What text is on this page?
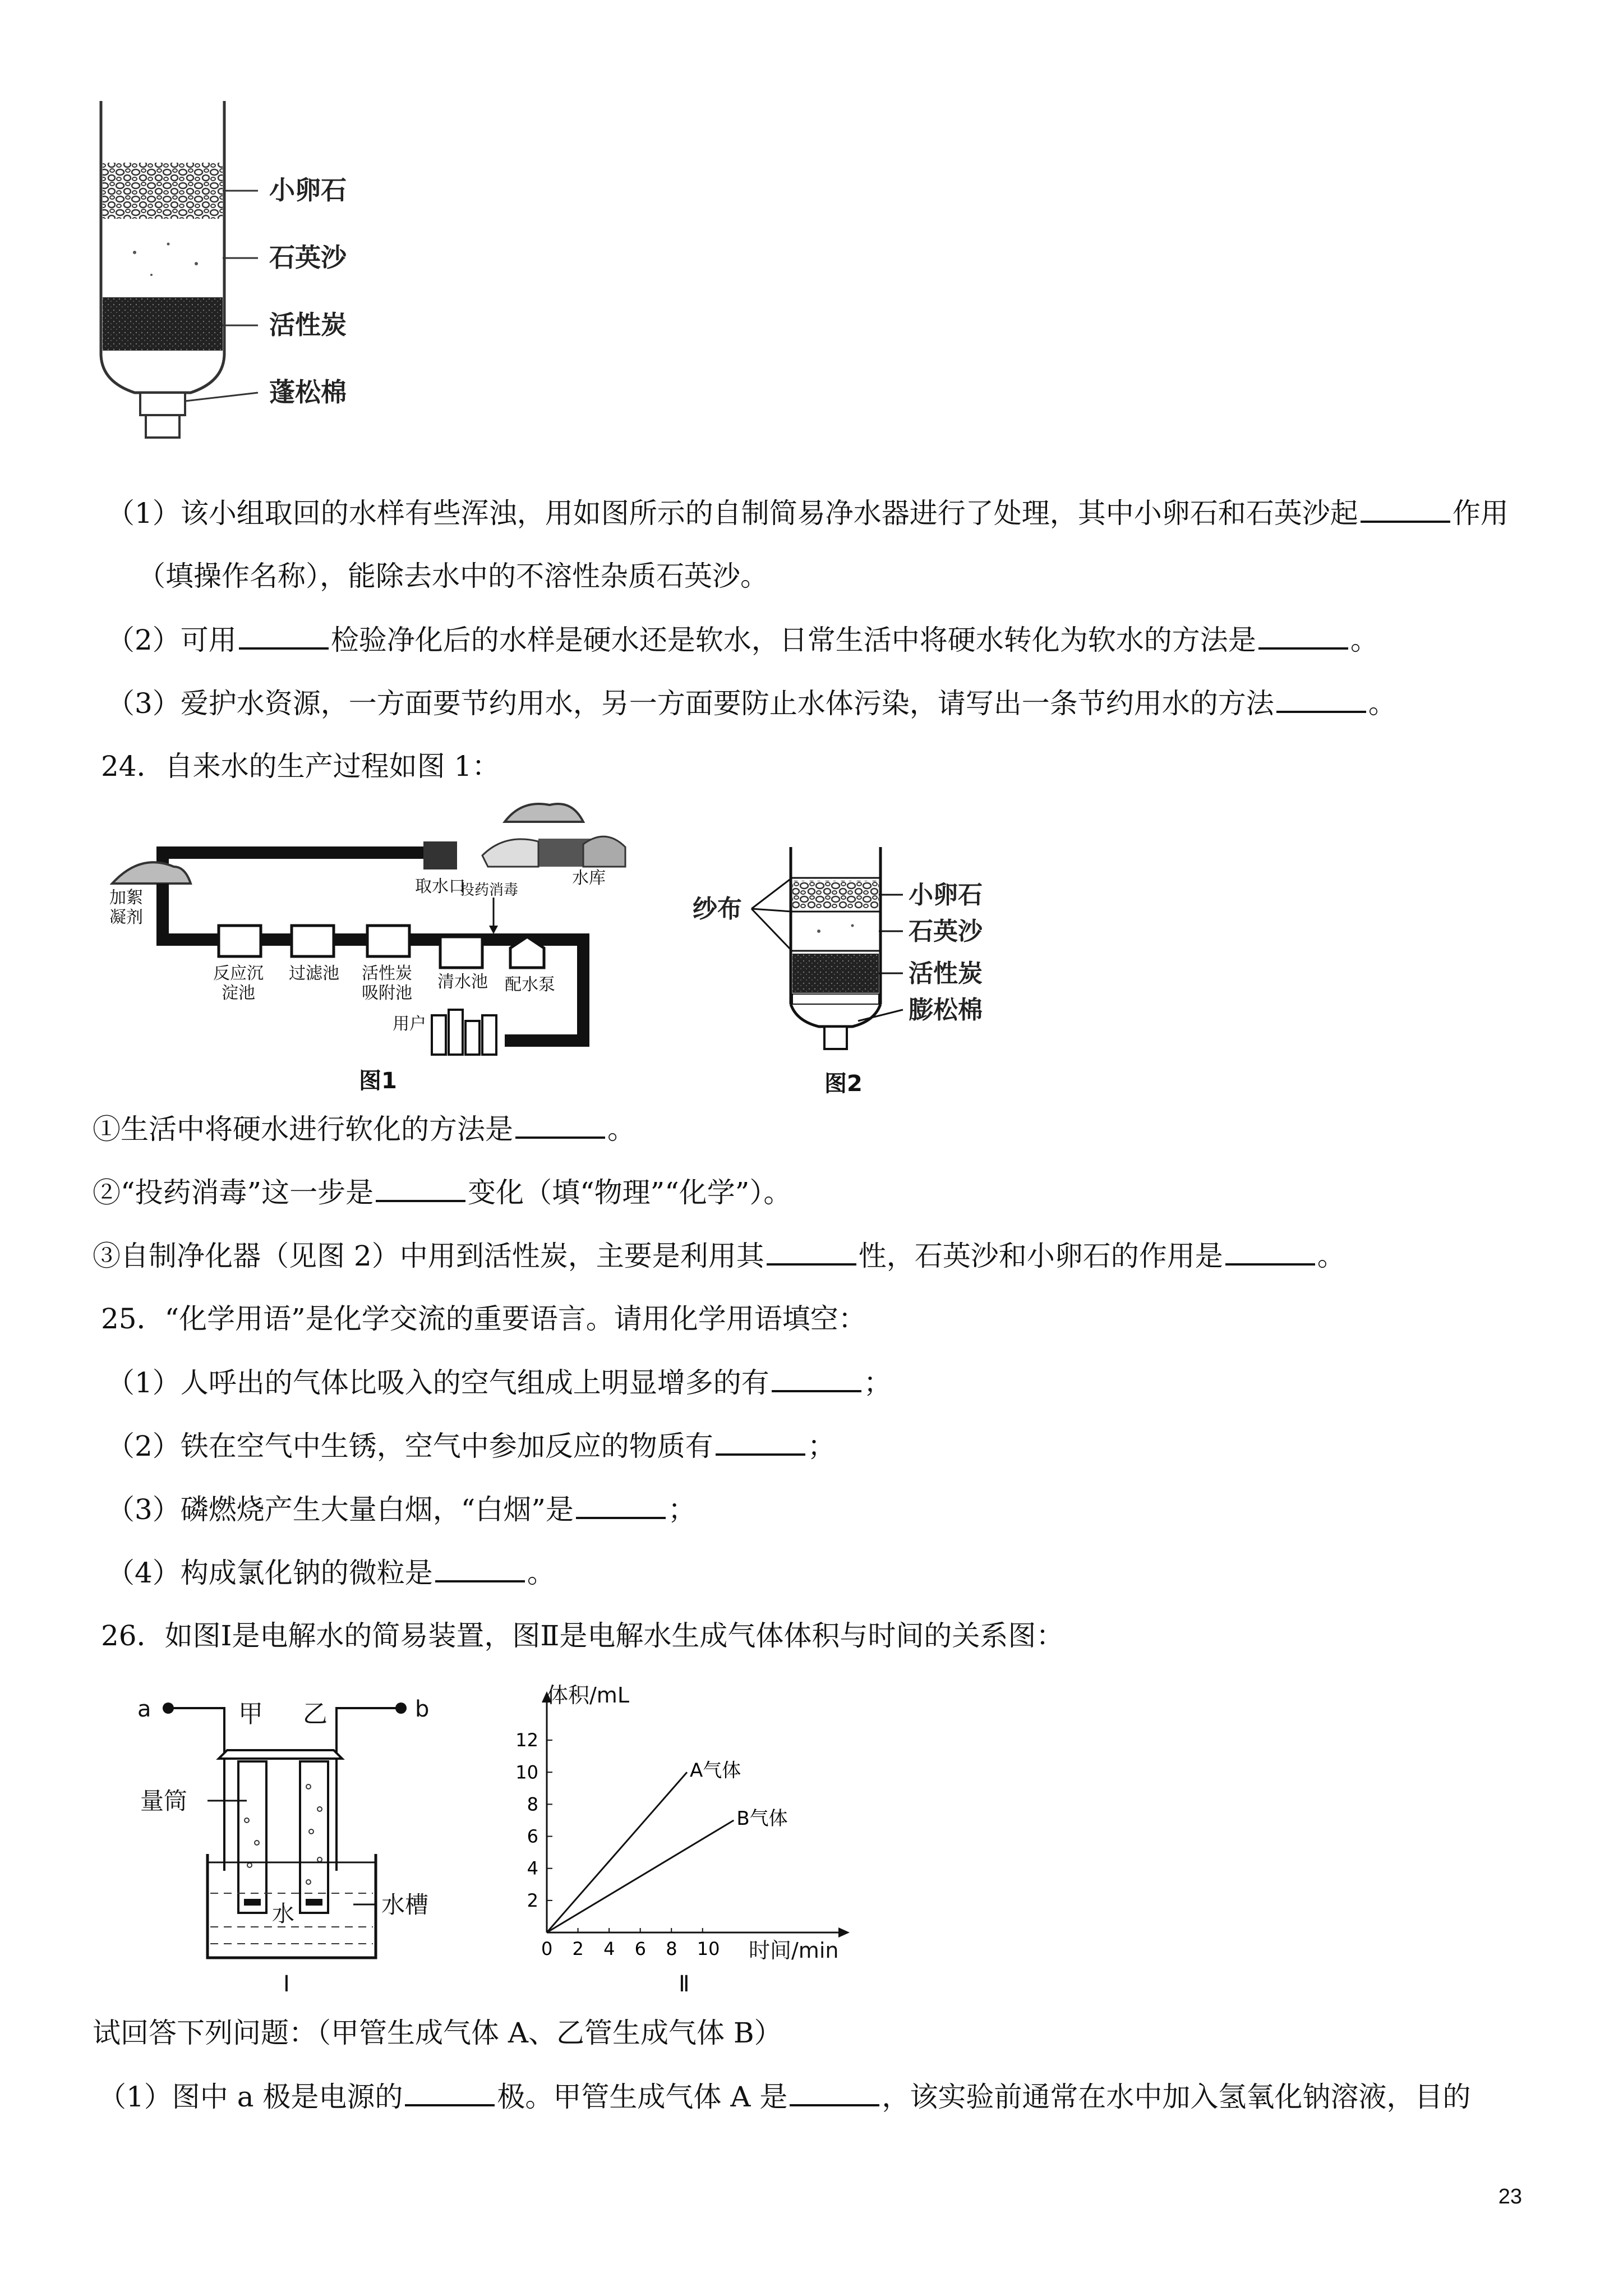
小卵石
石英沙
活性炭
蓬松棉
（1）该小组取回的水样有些浑浊，用如图所示的自制简易净水器进行了处理，其中小卵石和石英沙起	作用
（填操作名称），能除去水中的不溶性杂质石英沙。
（2）可用	检验净化后的水样是硬水还是软水，日常生活中将硬水转化为软水的方法是	。
（3）爱护水资源，一方面要节约用水，另一方面要防止水体污染，请写出一条节约用水的方法	。
24．自来水的生产过程如图 1：
取水口	水库
加絮
凝剂
投药消毒
反应沉
淀池
过滤池 活性炭
吸附池
清水池 配水泵
用户
图1
纱布	小卵石
石英沙
活性炭
膨松棉
图2
①生活中将硬水进行软化的方法是	。
②“投药消毒”这一步是	变化（填“物理”“化学”）。
③自制净化器（见图 2）中用到活性炭，主要是利用其	性，石英沙和小卵石的作用是	。
25．“化学用语”是化学交流的重要语言。请用化学用语填空：
（1）人呼出的气体比吸入的空气组成上明显增多的有	；
（2）铁在空气中生锈，空气中参加反应的物质有	；
（3）磷燃烧产生大量白烟，“白烟”是	；
（4）构成氯化钠的微粒是	。
26．如图Ⅰ是电解水的简易装置，图Ⅱ是电解水生成气体体积与时间的关系图：
a	b
甲 乙
量筒
水槽
水
Ⅰ
0 2 4 6 8 10
2
4
6
8
10
12
A气体
B气体
体积/mL
时间/min
Ⅱ
试回答下列问题：（甲管生成气体 A、乙管生成气体 B）
（1）图中 a 极是电源的	极。甲管生成气体 A 是	，该实验前通常在水中加入氢氧化钠溶液，目的
23
